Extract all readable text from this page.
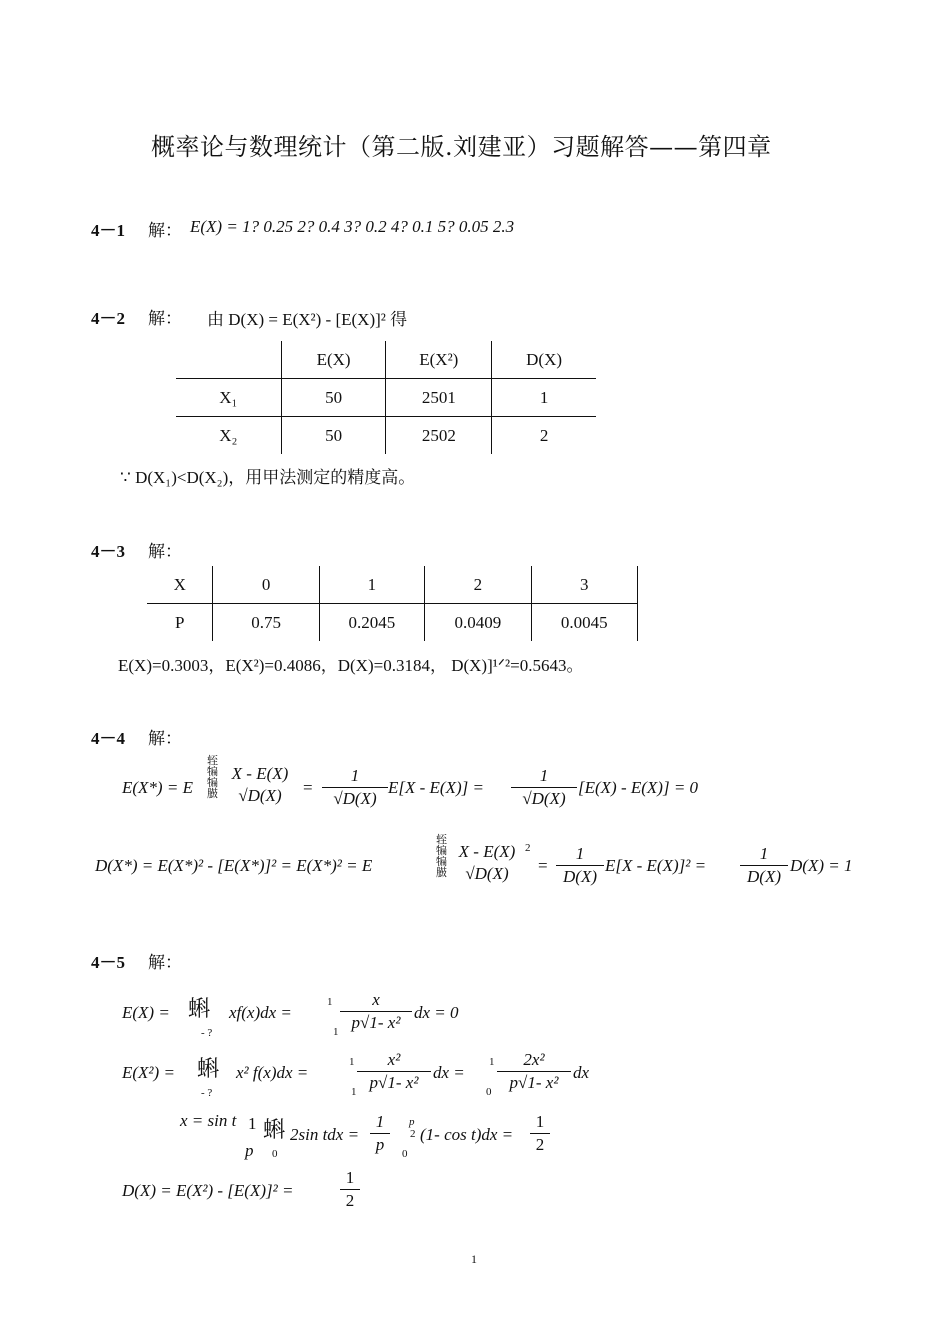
概率论与数理统计（第二版.刘建亚）习题解答——第四章
4－1 解： E(X) = 1? 0.25 2? 0.4 3? 0.2 4? 0.1 5? 0.05 2.3
4－2 解： 由 D(X) = E(X²) - [E(X)]² 得
	E(X)	E(X²)	D(X)
X₁	50	2501	1
X₂	50	2502	2
∵ D(X₁)<D(X₂)，用甲法测定的精度高。
4－3 解：
X	0	1	2	3
P	0.75	0.2045	0.0409	0.0045
E(X)=0.3003，E(X²)=0.4086，D(X)=0.3184， D(X)]¹ᐟ²=0.5643。
4－4 解：
E(X*) = E
轾犏犏臌
X - E(X)
√D(X)	= $\frac{1}{√D(X)} E[X - E(X)] = \frac{1}{√D(X)} [E(X) - E(X)] = 0$
D(X*) = E(X*)² - [E(X*)]² = E(X*)² = E
轾犏犏臌
X - E(X)
√D(X)
2
= $\frac{1}{D(X)} E[X - E(X)]^2 = \frac{1}{D(X)} D(X) = 1$
4－5 解：
E(X) = 蝌
- ?
xf(x)dx =
1
$1 \frac{x}{\text{p√1- x²}}$ dx = 0
E(X²) = 蝌
- ?
x² f(x)dx =
1
$1 \frac{\text{x²}}{\text{p√1- x²}}$ dx =
1
$0 \frac{\text{2x²}}{\text{p√1- x²}}$ dx
x = sin t 1
p
蝌
0
2sin tdx = $\frac{1}{p}$ p
2
0
(1- $\cos t)dx = \frac{1}{2}$
D(X) = E(X²) - [E(X)]² =	$\frac{1}{2}$
1
